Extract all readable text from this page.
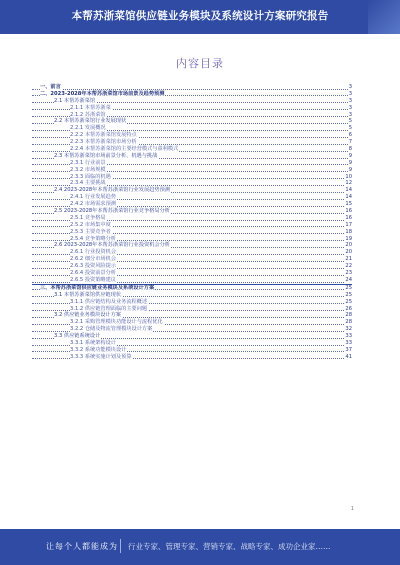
本帮苏浙菜馆供应链业务模块及系统设计方案研究报告
内容目录
一、前言	3
二、2023-2028年本帮苏浙菜馆市场前景及趋势预测	3
2.1 本帮苏浙菜馆	3
2.1.1 本帮苏浙菜	3
2.1.2 苏浙菜馆	3
2.2 本帮苏浙菜馆行业发展现状	5
2.2.1 发展概况	5
2.2.2 本帮苏浙菜馆发展特点	6
2.2.3 本帮苏浙菜馆市场分析	7
2.2.4 本帮苏浙菜馆的主要经营模式与盈利模式	8
2.3 本帮苏浙菜馆市场前景分析、机遇与挑战	9
2.3.1 行业前景	9
2.3.2 市场规模	9
2.3.3 面临的机遇	10
2.3.4 主要挑战	12
2.4 2023-2028年本帮苏浙菜馆行业发展趋势预测	14
2.4.1 行业发展趋势	14
2.4.2 市场需求预测	15
2.5 2023-2028年本帮苏浙菜馆行业竞争格局分析	16
2.5.1 竞争格局	16
2.5.2 市场集中度	17
2.5.3 主要竞争者	18
2.5.4 竞争策略分析	19
2.6 2023-2028年本帮苏浙菜馆行业投资机会分析	20
2.6.1 行业投资机会	20
2.6.2 细分市场机会	21
2.6.3 投资风险提示	22
2.6.4 投资前景分析	23
2.6.5 投资策略建议	24
三、本帮苏浙菜馆供应链业务模块及系统设计方案	25
3.1 本帮苏浙菜馆供应链现状	25
3.1.1 供应链结构及业务流程概述	25
3.1.2 供应链管理面临的主要问题	26
3.2 供应链业务模块设计方案	28
3.2.1 采购管理模块功能设计与流程优化	28
3.2.2 仓储及物流管理模块设计方案	32
3.3 供应链系统设计	33
3.3.1 系统架构设计	33
3.3.2 系统功能模块设计	37
3.3.3 系统实施计划及预算	41
1
让每个人都能成为 行业专家、管理专家、营销专家、战略专家、成功企业家……
